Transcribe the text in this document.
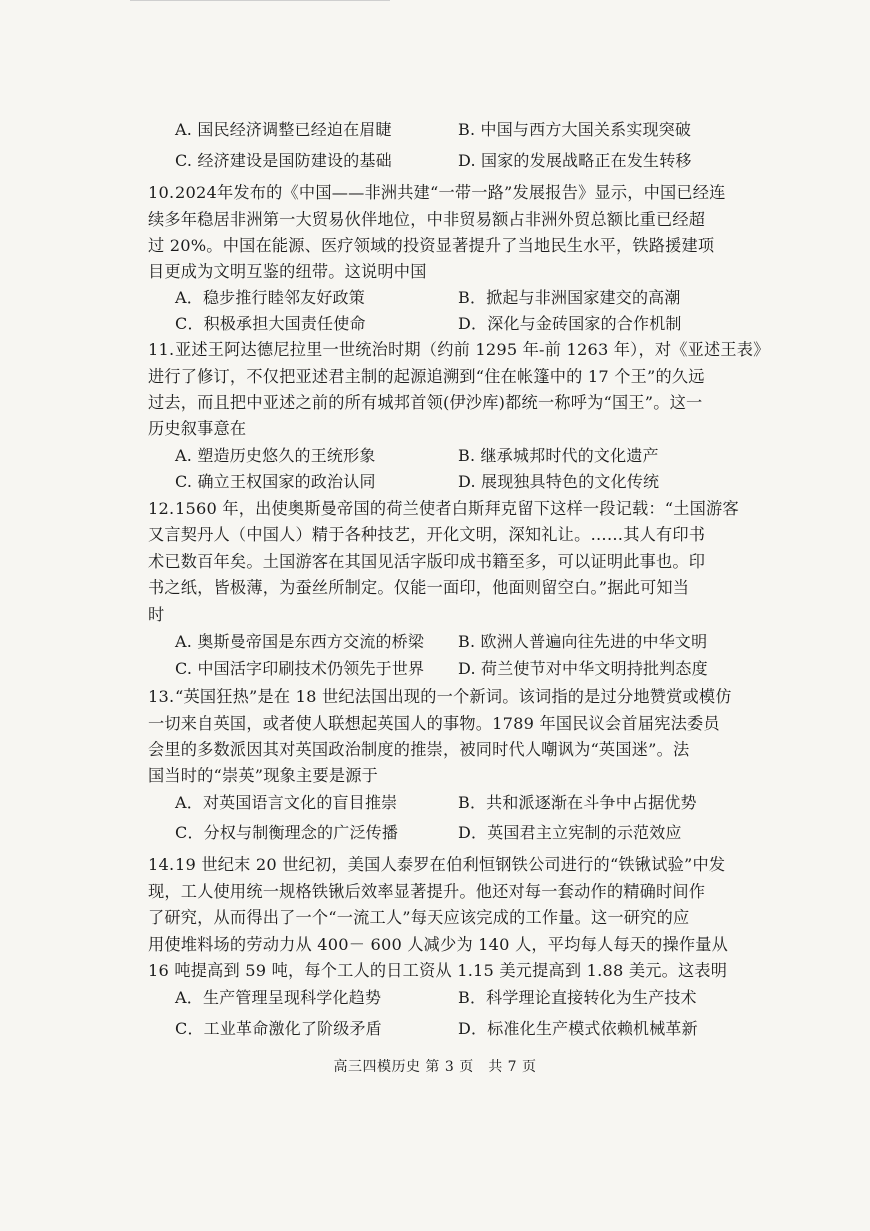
A. 国民经济调整已经迫在眉睫	B. 中国与西方大国关系实现突破
C. 经济建设是国防建设的基础	D. 国家的发展战略正在发生转移
10. 2024年发布的《中国——非洲共建“一带一路”发展报告》显示，中国已经连
续多年稳居非洲第一大贸易伙伴地位，中非贸易额占非洲外贸总额比重已经超
过 20%。中国在能源、医疗领域的投资显著提升了当地民生水平，铁路援建项
目更成为文明互鉴的纽带。这说明中国
A．稳步推行睦邻友好政策	B．掀起与非洲国家建交的高潮
C．积极承担大国责任使命	D．深化与金砖国家的合作机制
11. 亚述王阿达德尼拉里一世统治时期（约前 1295 年-前 1263 年），对《亚述王表》
进行了修订，不仅把亚述君主制的起源追溯到“住在帐篷中的 17 个王”的久远
过去，而且把中亚述之前的所有城邦首领(伊沙库)都统一称呼为“国王”。这一
历史叙事意在
A. 塑造历史悠久的王统形象	B. 继承城邦时代的文化遗产
C. 确立王权国家的政治认同	D. 展现独具特色的文化传统
12. 1560 年，出使奥斯曼帝国的荷兰使者白斯拜克留下这样一段记载：“土国游客
又言契丹人（中国人）精于各种技艺，开化文明，深知礼让。……其人有印书
术已数百年矣。土国游客在其国见活字版印成书籍至多，可以证明此事也。印
书之纸，皆极薄，为蚕丝所制定。仅能一面印，他面则留空白。”据此可知当
时
A. 奥斯曼帝国是东西方交流的桥梁 B. 欧洲人普遍向往先进的中华文明
C. 中国活字印刷技术仍领先于世界 D. 荷兰使节对中华文明持批判态度
13. “英国狂热”是在 18 世纪法国出现的一个新词。该词指的是过分地赞赏或模仿
一切来自英国，或者使人联想起英国人的事物。1789 年国民议会首届宪法委员
会里的多数派因其对英国政治制度的推崇，被同时代人嘲讽为“英国迷”。法
国当时的“崇英”现象主要是源于
A．对英国语言文化的盲目推崇	B．共和派逐渐在斗争中占据优势
C．分权与制衡理念的广泛传播	D．英国君主立宪制的示范效应
14. 19 世纪末 20 世纪初，美国人泰罗在伯利恒钢铁公司进行的“铁锹试验”中发
现，工人使用统一规格铁锹后效率显著提升。他还对每一套动作的精确时间作
了研究，从而得出了一个“一流工人”每天应该完成的工作量。这一研究的应
用使堆料场的劳动力从 400－ 600 人减少为 140 人，平均每人每天的操作量从
16 吨提高到 59 吨，每个工人的日工资从 1.15 美元提高到 1.88 美元。这表明
A．生产管理呈现科学化趋势	B．科学理论直接转化为生产技术
C．工业革命激化了阶级矛盾	D．标准化生产模式依赖机械革新
高三四模历史 第 3 页　共 7 页
